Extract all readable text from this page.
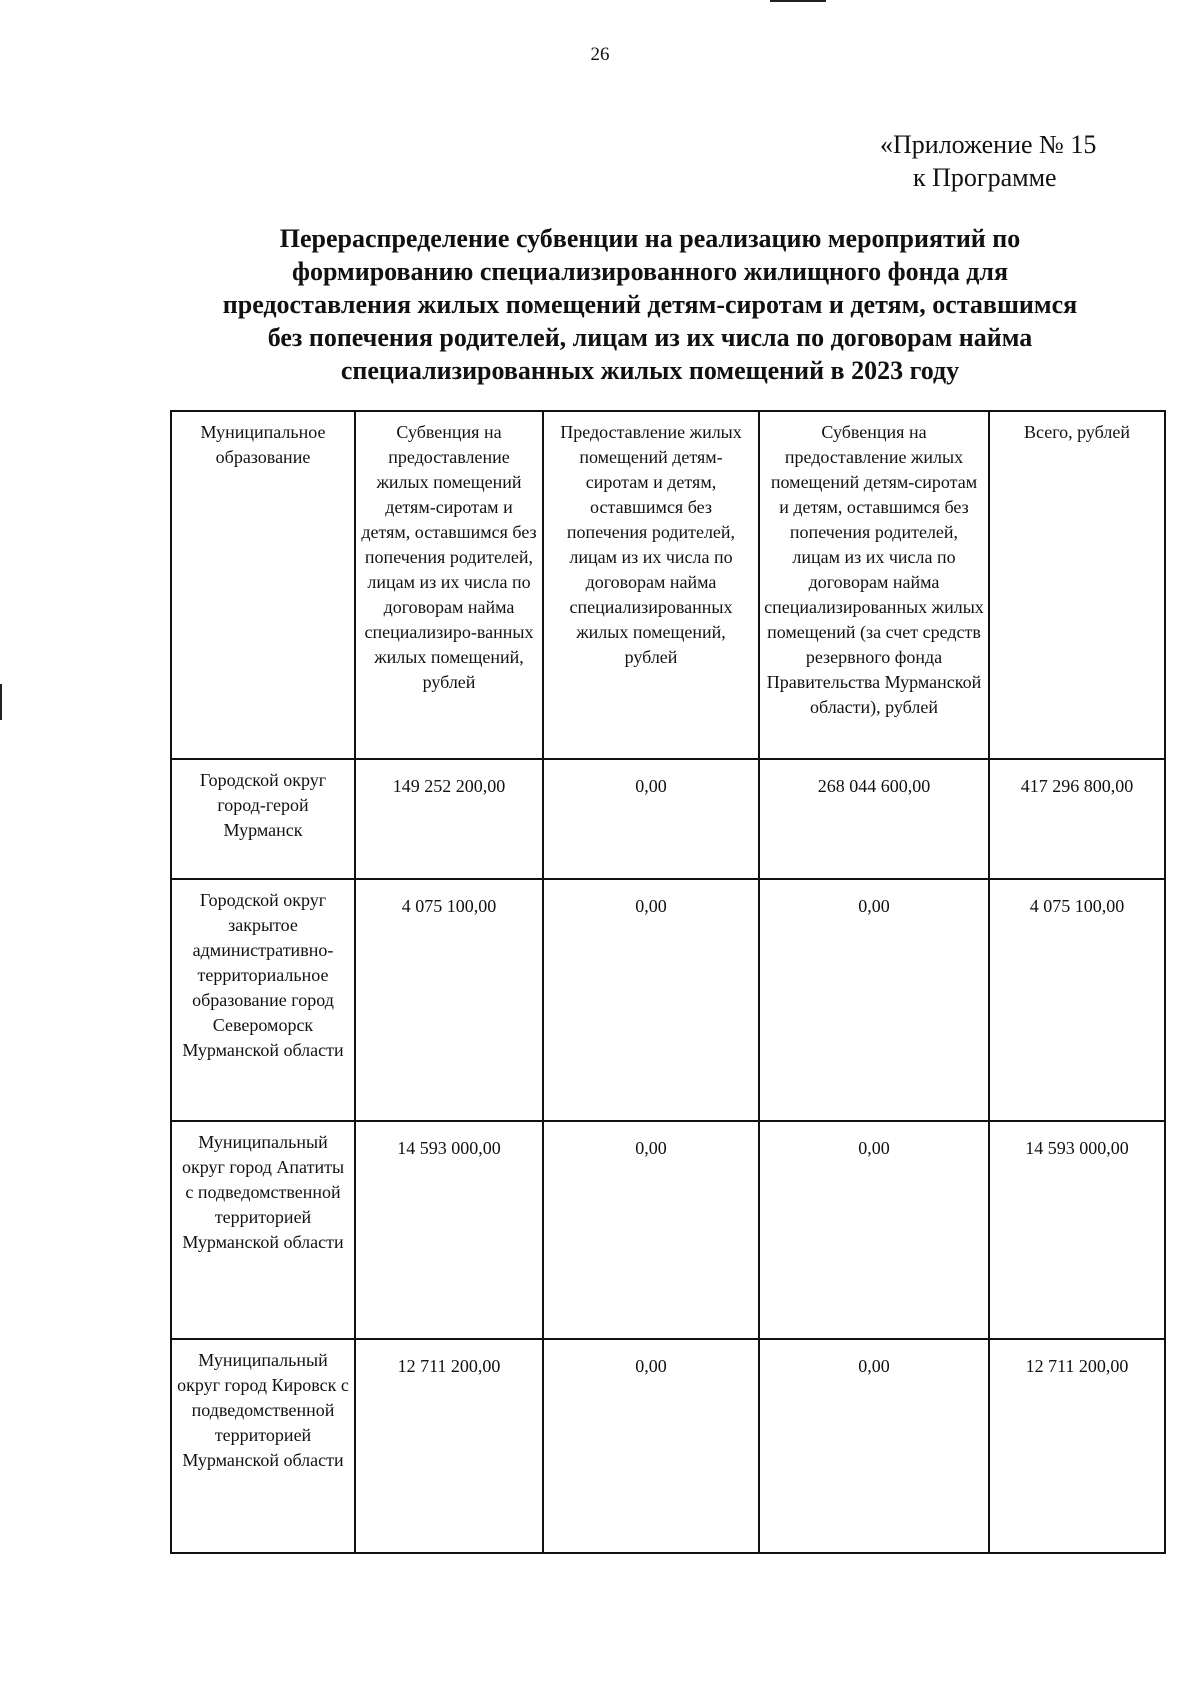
26
«Приложение № 15
к Программе
Перераспределение субвенции на реализацию мероприятий по
формированию специализированного жилищного фонда для
предоставления жилых помещений детям-сиротам и детям, оставшимся
без попечения родителей, лицам из их числа по договорам найма
специализированных жилых помещений в 2023 году
Муниципальное образование	Субвенция на предоставление жилых помещений детям-сиротам и детям, оставшимся без попечения родителей, лицам из их числа по договорам найма специализиро-ванных жилых помещений, рублей	Предоставление жилых помещений детям-сиротам и детям, оставшимся без попечения родителей, лицам из их числа по договорам найма специализированных жилых помещений, рублей	Субвенция на предоставление жилых помещений детям-сиротам и детям, оставшимся без попечения родителей, лицам из их числа по договорам найма специализированных жилых помещений (за счет средств резервного фонда Правительства Мурманской области), рублей	Всего, рублей
Городской округ город-герой Мурманск	149 252 200,00	0,00	268 044 600,00	417 296 800,00
Городской округ закрытое административно-территориальное образование город Североморск Мурманской области	4 075 100,00	0,00	0,00	4 075 100,00
Муниципальный округ город Апатиты с подведомственной территорией Мурманской области	14 593 000,00	0,00	0,00	14 593 000,00
Муниципальный округ город Кировск с подведомственной территорией Мурманской области	12 711 200,00	0,00	0,00	12 711 200,00
